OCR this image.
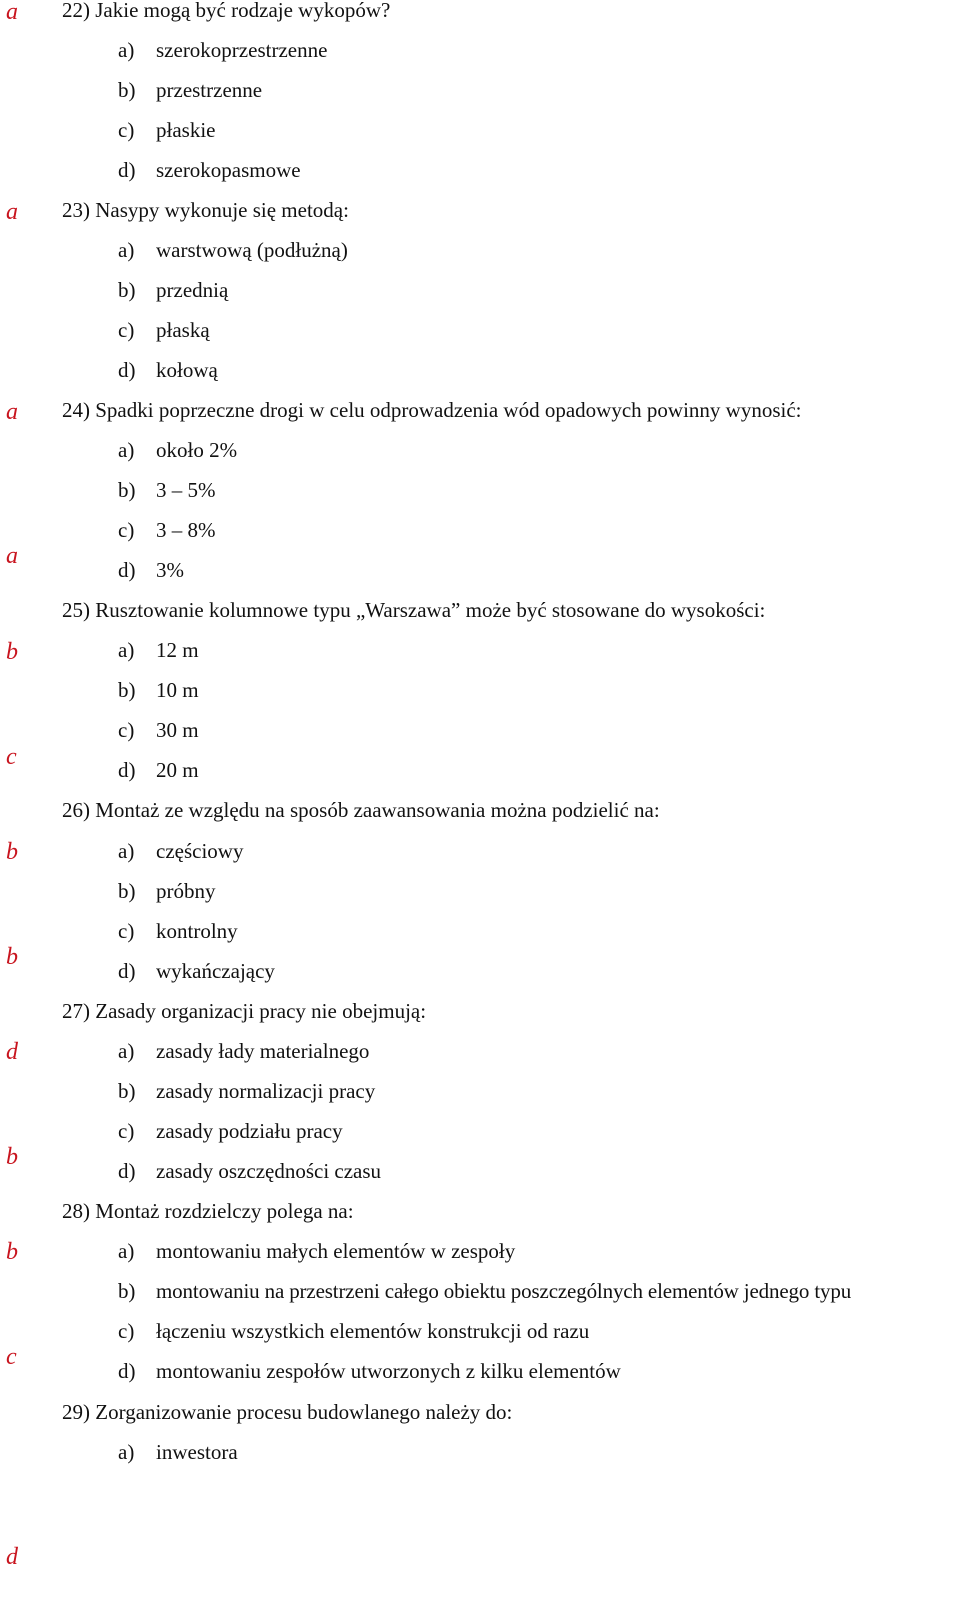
a
a
a
a
b
c
b
b
d
b
b
c
d
22) Jakie mogą być rodzaje wykopów?
a) szerokoprzestrzenne
b) przestrzenne
c) płaskie
d) szerokopasmowe
23) Nasypy wykonuje się metodą:
a) warstwową (podłużną)
b) przednią
c) płaską
d) kołową
24) Spadki poprzeczne drogi w celu odprowadzenia wód opadowych powinny wynosić:
a) około 2%
b) 3 – 5%
c) 3 – 8%
d) 3%
25) Rusztowanie kolumnowe typu „Warszawa” może być stosowane do wysokości:
a) 12 m
b) 10 m
c) 30 m
d) 20 m
26) Montaż ze względu na sposób zaawansowania można podzielić na:
a) częściowy
b) próbny
c) kontrolny
d) wykańczający
27) Zasady organizacji pracy nie obejmują:
a) zasady łady materialnego
b) zasady normalizacji pracy
c) zasady podziału pracy
d) zasady oszczędności czasu
28) Montaż rozdzielczy polega na:
a) montowaniu małych elementów w zespoły
b) montowaniu na przestrzeni całego obiektu poszczególnych elementów jednego typu
c) łączeniu wszystkich elementów konstrukcji od razu
d) montowaniu zespołów utworzonych z kilku elementów
29) Zorganizowanie procesu budowlanego należy do:
a) inwestora
